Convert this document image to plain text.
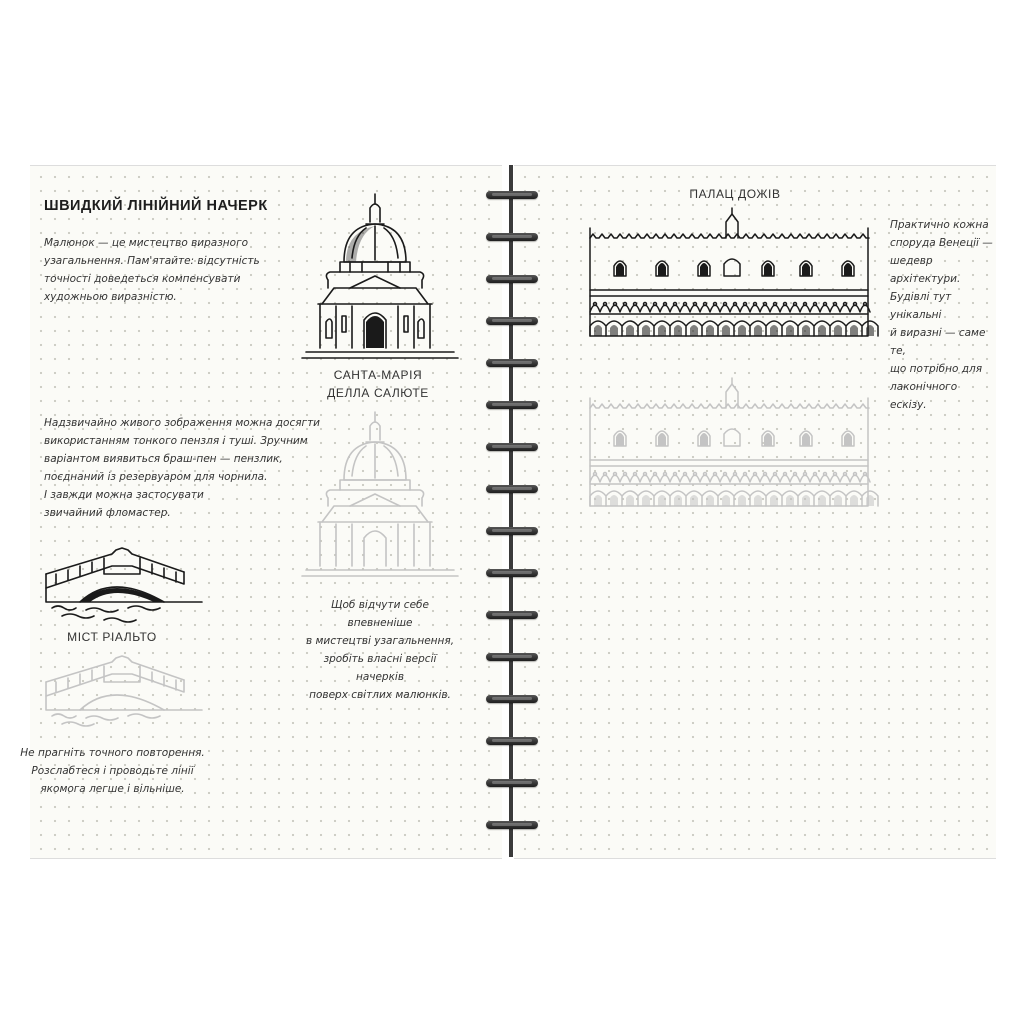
ШВИДКИЙ ЛІНІЙНИЙ НАЧЕРК
Малюнок — це мистецтво виразного
узагальнення. Пам'ятайте: відсутність
точності доведеться компенсувати
художньою виразністю.
Надзвичайно живого зображення можна досягти
використанням тонкого пензля і туші. Зручним
варіантом виявиться браш-пен — пензлик,
поєднаний із резервуаром для чорнила.
І завжди можна застосувати
звичайний фломастер.
САНТА-МАРІЯ
ДЕЛЛА САЛЮТЕ
МІСТ РІАЛЬТО
Щоб відчути себе впевненіше
в мистецтві узагальнення,
зробіть власні версії начерків
поверх світлих малюнків.
Не прагніть точного повторення.
Розслабтеся і проводьте лінії
якомога легше і вільніше.
ПАЛАЦ ДОЖІВ
Практично кожна
споруда Венеції —
шедевр архітектури.
Будівлі тут унікальні
й виразні — саме те,
що потрібно для
лаконічного ескізу.
